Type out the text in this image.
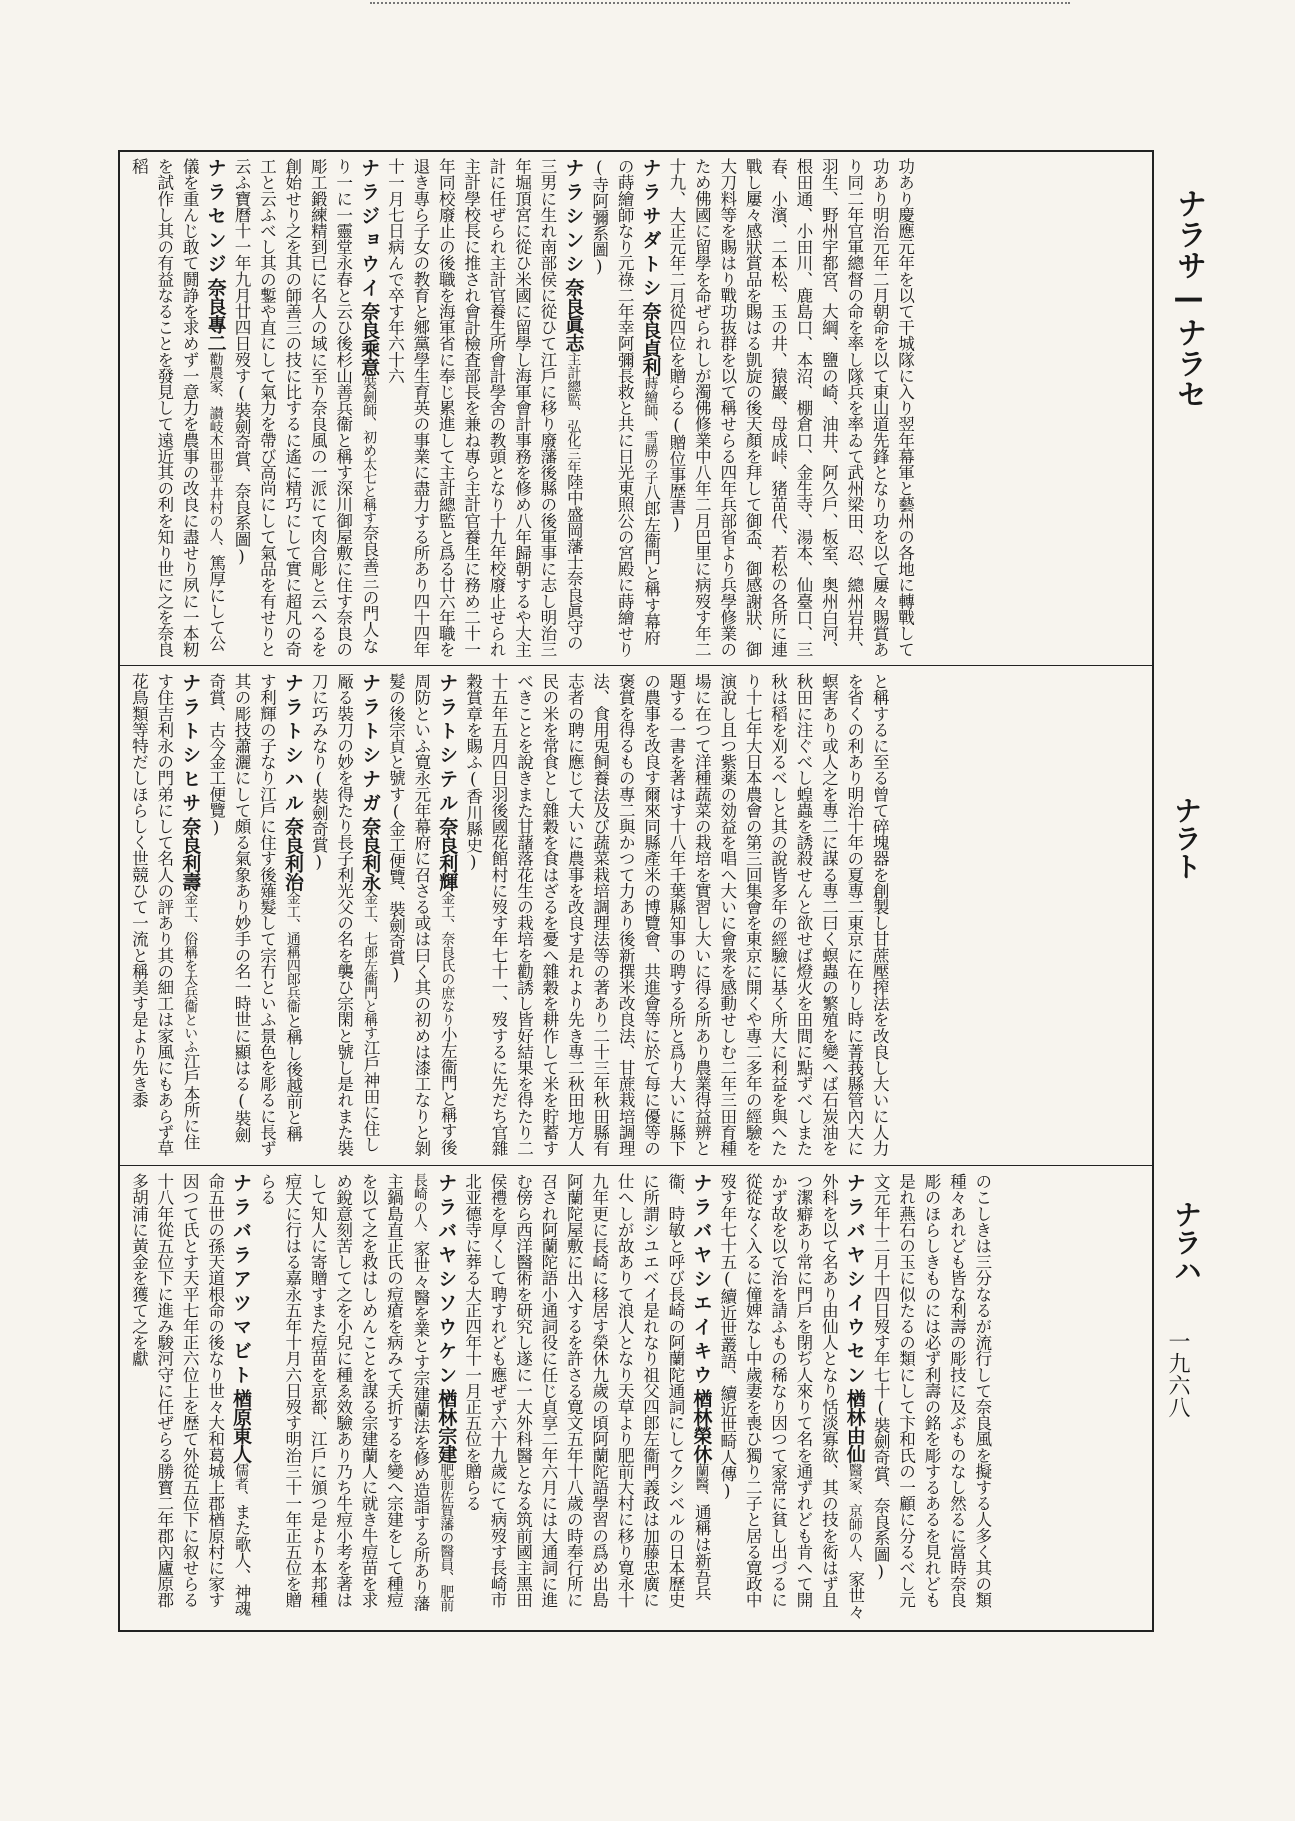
ナラサ—ナラセ
ナラト
ナラハ
一九六八
功あり慶應元年を以て干城隊に入り翌年幕軍と藝州の各地に轉戰して功あり明治元年二月朝命を以て東山道先鋒となり功を以て屢々賜賞あり同二年官軍總督の命を率し隊兵を率ゐて武州梁田、忍、總州岩井、羽生、野州宇都宮、大綱、鹽の崎、油井、阿久戶、板室、奥州白河、根田通、小田川、鹿島口、本沼、棚倉口、金生寺、湯本、仙臺口、三春、小濱、二本松、玉の井、猿巖、母成峠、猪苗代、若松の各所に連戰し屢々感狀賞品を賜はる凱旋の後天顏を拜して御盃、御感謝狀、御大刀料等を賜はり戰功抜群を以て稱せらる四年兵部省より兵學修業のため佛國に留學を命ぜられしが濁佛修業中八年二月巴里に病歿す年二十九、大正元年二月從四位を贈らる(贈位事歴書)
ナラサダトシ奈良貞利蒔繪師、雪勝の子八郎左衞門と稱す幕府の蒔繪師なり元祿二年幸阿彌長救と共に日光東照公の宮殿に蒔繪せり(寺阿彌系圖)
ナラシンシ奈良眞志主計總監、弘化三年陸中盛岡藩士奈良眞守の三男に生れ南部侯に從ひて江戶に移り廢藩後縣の後軍事に志し明治三年堀頂宮に從ひ米國に留學し海軍會計事務を修め八年歸朝するや大主計に任ぜられ主計官養生所會計學舍の教頭となり十九年校廢止せられ主計學校長に推され會計檢査部長を兼ね專ら主計官養生に務め二十一年同校廢止の後職を海軍省に奉じ累進して主計總監と爲る廿六年職を退き專ら子女の教育と郷黨學生育英の事業に盡力する所あり四十四年十一月七日病んで卒す年六十六
ナラジョウイ奈良乘意裝劍師、初め太七と稱す奈良善三の門人なり一に一靈堂永春と云ひ後杉山善兵衞と稱す深川御屋敷に住す奈良の彫工鍛練精到已に名人の域に至り奈良風の一派にて肉合彫と云へるを創始せり之を其の師善三の技に比するに遙に精巧にして實に超凡の奇工と云ふべし其の鏨や直にして氣力を帶び高尚にして氣品を有せりと云ふ寶曆十一年九月廿四日歿す(裝劍奇賞、奈良系圖)
ナラセンジ奈良專二勸農家、讃岐木田郡平井村の人、篤厚にして公儀を重んじ敢て鬪諍を求めず一意力を農事の改良に盡せり夙に一本籾を試作し其の有益なることを發見して遠近其の利を知り世に之を奈良稻
と稱するに至る曾て碎塊器を創製し甘蔗壓搾法を改良し大いに人力を省くの利あり明治十年の夏專二東京に在りし時に菁莪縣管內大に螟害あり或人之を專二に謀る專二曰く螟蟲の繁殖を變へば石炭油を秋田に注ぐべし蝗蟲を誘殺せんと欲せば燈火を田間に點ずべしまた秋は稻を刈るべしと其の說皆多年の經驗に基く所大に利益を與へたり十七年大日本農會の第三回集會を東京に開くや專二多年の經驗を演說し且つ紫薬の効益を唱へ大いに會衆を感動せしむ二年三田育種場に在つて洋種蔬菜の栽培を實習し大いに得る所あり農業得益辨と題する一書を著はす十八年千葉縣知事の聘する所と爲り大いに縣下の農事を改良す爾來同縣產米の博覽會、共進會等に於て每に優等の褒賞を得るもの專二與かつて力あり後新撰米改良法、甘蔗栽培調理法、食用兎飼養法及び蔬菜栽培調理法等の著あり二十三年秋田縣有志者の聘に應じて大いに農事を改良す是れより先き專二秋田地方人民の米を常食とし雜穀を食はざるを憂へ雜穀を耕作して米を貯蓄すべきことを說きまた甘藷落花生の栽培を勸誘し皆好結果を得たり二十五年五月四日羽後國花館村に歿す年七十一、歿するに先だち官雜穀賞章を賜ふ(香川縣史)
ナラトシテル奈良利輝金工、奈良氏の庶なり小左衞門と稱す後周防といふ寛永元年幕府に召さる或は曰く其の初めは漆工なりと剝髮の後宗貞と號す(金工便覽、裝劍奇賞)
ナラトシナガ奈良利永金工、七郎左衞門と稱す江戶神田に住し厰る裝刀の妙を得たり長子利光父の名を襲ひ宗閑と號し是れまた裝刀に巧みなり(裝劍奇賞)
ナラトシハル奈良利治金工、通稱四郎兵衞と稱し後越前と稱す利輝の子なり江戶に住す後薙髮して宗冇といふ景色を彫るに長ず其の彫技蕭灑にして頗る氣象あり妙手の名一時世に顯はる(裝劍奇賞、古今金工便覽)
ナラトシヒサ奈良利壽金工、俗稱を太兵衞といふ江戶本所に住す住吉利永の門弟にして名人の評あり其の細工は家風にもあらず草花鳥類等特だしほらしく世競ひて一流と稱美す是より先き黍
のこしきは三分なるが流行して奈良風を擬する人多く其の類種々あれども皆な利壽の彫技に及ぶものなし然るに當時奈良彫のほらしきものには必ず利壽の銘を彫するあるを見れども是れ燕石の玉に似たるの類にして卞和氏の一顧に分るべし元文元年十二月十四日歿す年七十(裝劍奇賞、奈良系圖)
ナラバヤシイウセン楢林由仙醫家、京師の人、家世々外科を以て名あり由仙人となり恬淡寡欲、其の技を衒はず且つ潔癖あり常に門戶を閉ぢ人來りて名を通ずれども肯へて開かず故を以て治を請ふもの稀なり因つて家常に貧し出づるに從從なく入るに僮婢なし中歲妻を喪ひ獨り二子と居る寛政中歿す年七十五(續近世叢語、續近世畸人傳)
ナラバヤシエイキウ楢林榮休蘭醫、通稱は新吾兵衞、時敏と呼び長崎の阿蘭陀通詞にしてクシベルの日本歷史に所謂シユエベイ是れなり祖父四郎左衞門義政は加藤忠廣に仕へしが故ありて浪人となり天草より肥前大村に移り寛永十九年更に長崎に移居す榮休九歲の頃阿蘭陀語學習の爲め出島阿蘭陀屋敷に出入するを許さる寛文五年十八歲の時奉行所に召され阿蘭陀語小通詞役に任じ貞享二年六月には大通詞に進む傍ら西洋醫術を研究し遂に一大外科醫となる筑前國主黑田侯禮を厚くして聘すれども應ぜず六十九歲にて病歿す長崎市北亚德寺に葬る大正四年十一月正五位を贈らる
ナラバヤシソウケン楢林宗建肥前佐賀藩の醫員、肥前長崎の人、家世々醫を業とす宗建蘭法を修め造詣する所あり藩主鍋島直正氏の痘瘡を病みて夭折するを變へ宗建をして種痘を以て之を救はしめんことを謀る宗建蘭人に就き牛痘苗を求め銳意刻苦して之を小兒に種ゑ效驗あり乃ち牛痘小考を著はして知人に寄贈すまた痘苗を京都、江戶に頒つ是より本邦種痘大に行はる嘉永五年十月六日歿す明治三十一年正五位を贈らる
ナラバラアツマビト楢原東人儒者、また歌人、神魂命五世の孫天道根命の後なり世々大和葛城上郡楢原村に家す因つて氏とす天平七年正六位上を歴て外從五位下に叙せらる十八年從五位下に進み駿河守に任ぜらる勝寳二年郡內廬原郡多胡浦に黃金を獲て之を獻
